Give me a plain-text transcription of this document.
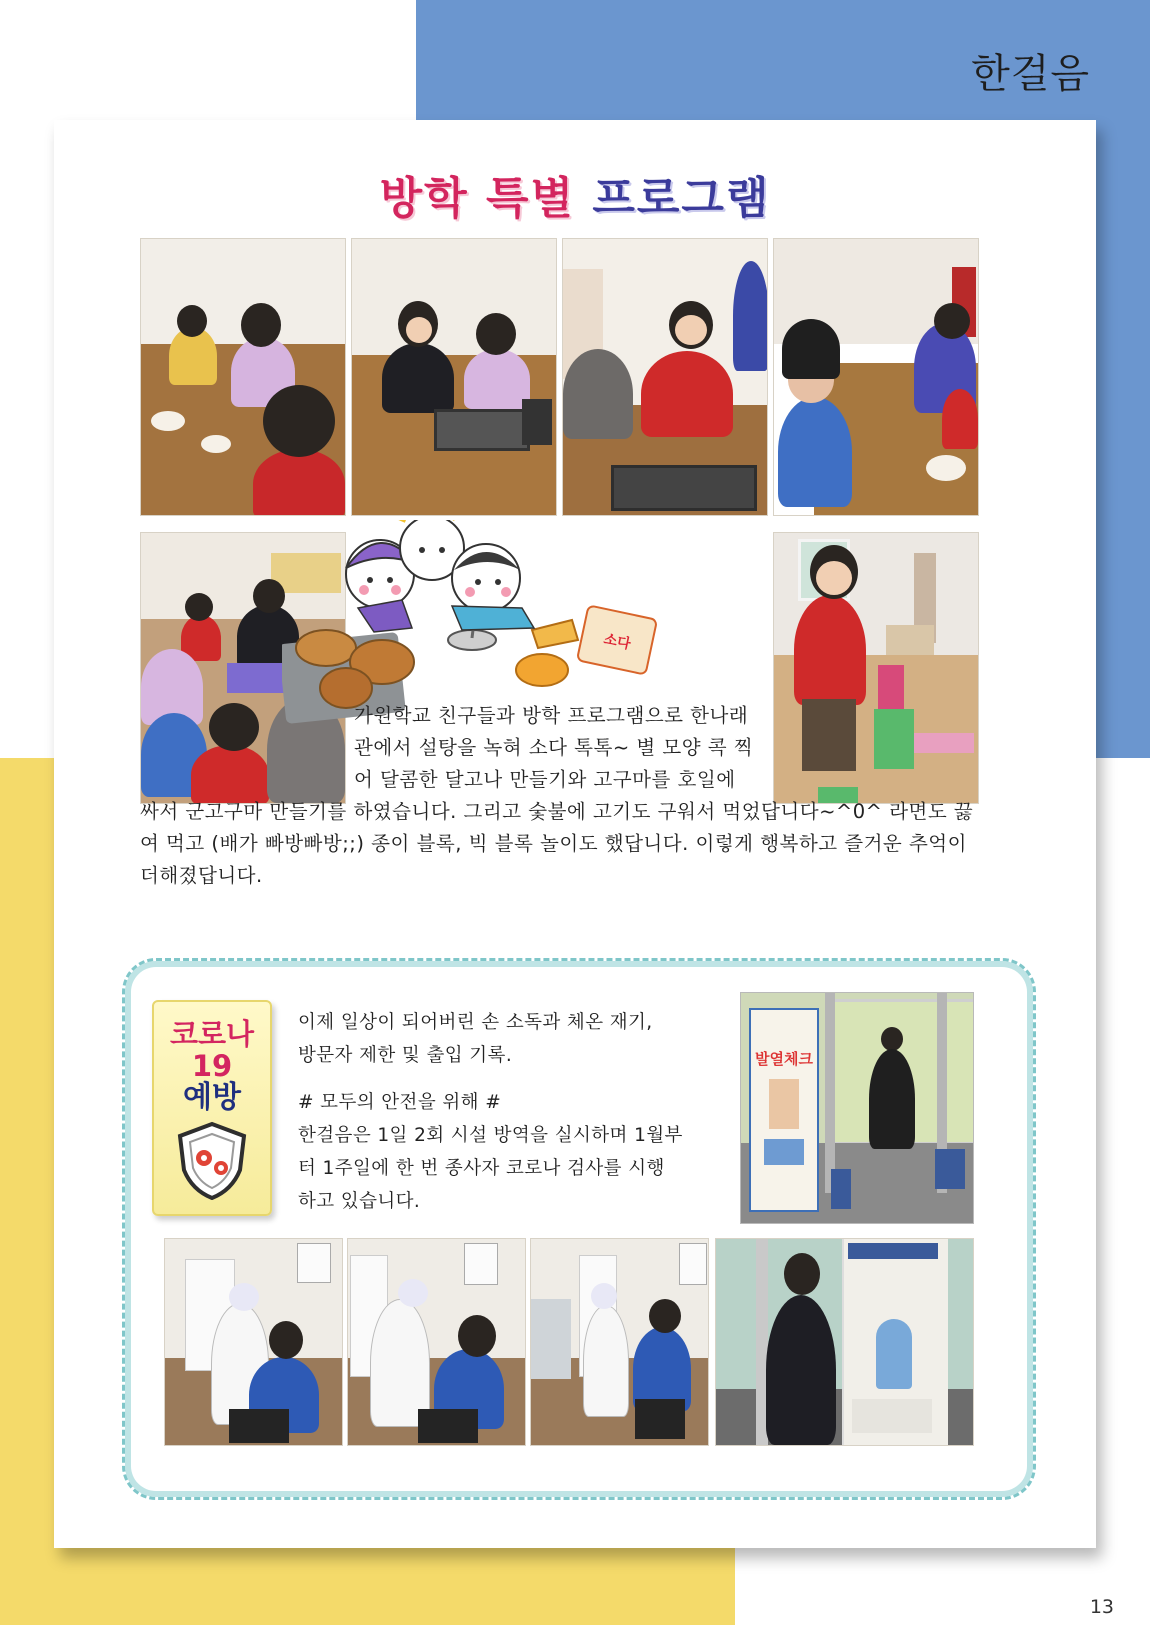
한걸음
방학 특별 프로그램
소다
가원학교 친구들과 방학 프로그램으로 한나래
관에서 설탕을 녹혀 소다 톡톡~ 별 모양 콕 찍
어 달콤한 달고나 만들기와 고구마를 호일에
싸서 군고구마 만들기를 하였습니다. 그리고 숯불에 고기도 구워서 먹었답니다~^0^ 라면도 끓
여 먹고 (배가 빠방빠방;;) 종이 블록, 빅 블록 놀이도 했답니다. 이렇게 행복하고 즐거운 추억이
더해졌답니다.
코로나
19
예방
이제 일상이 되어버린 손 소독과 체온 재기,
방문자 제한 및 출입 기록.
# 모두의 안전을 위해 #
한걸음은 1일 2회 시설 방역을 실시하며 1월부
터 1주일에 한 번 종사자 코로나 검사를 시행
하고 있습니다.
발열체크
13
